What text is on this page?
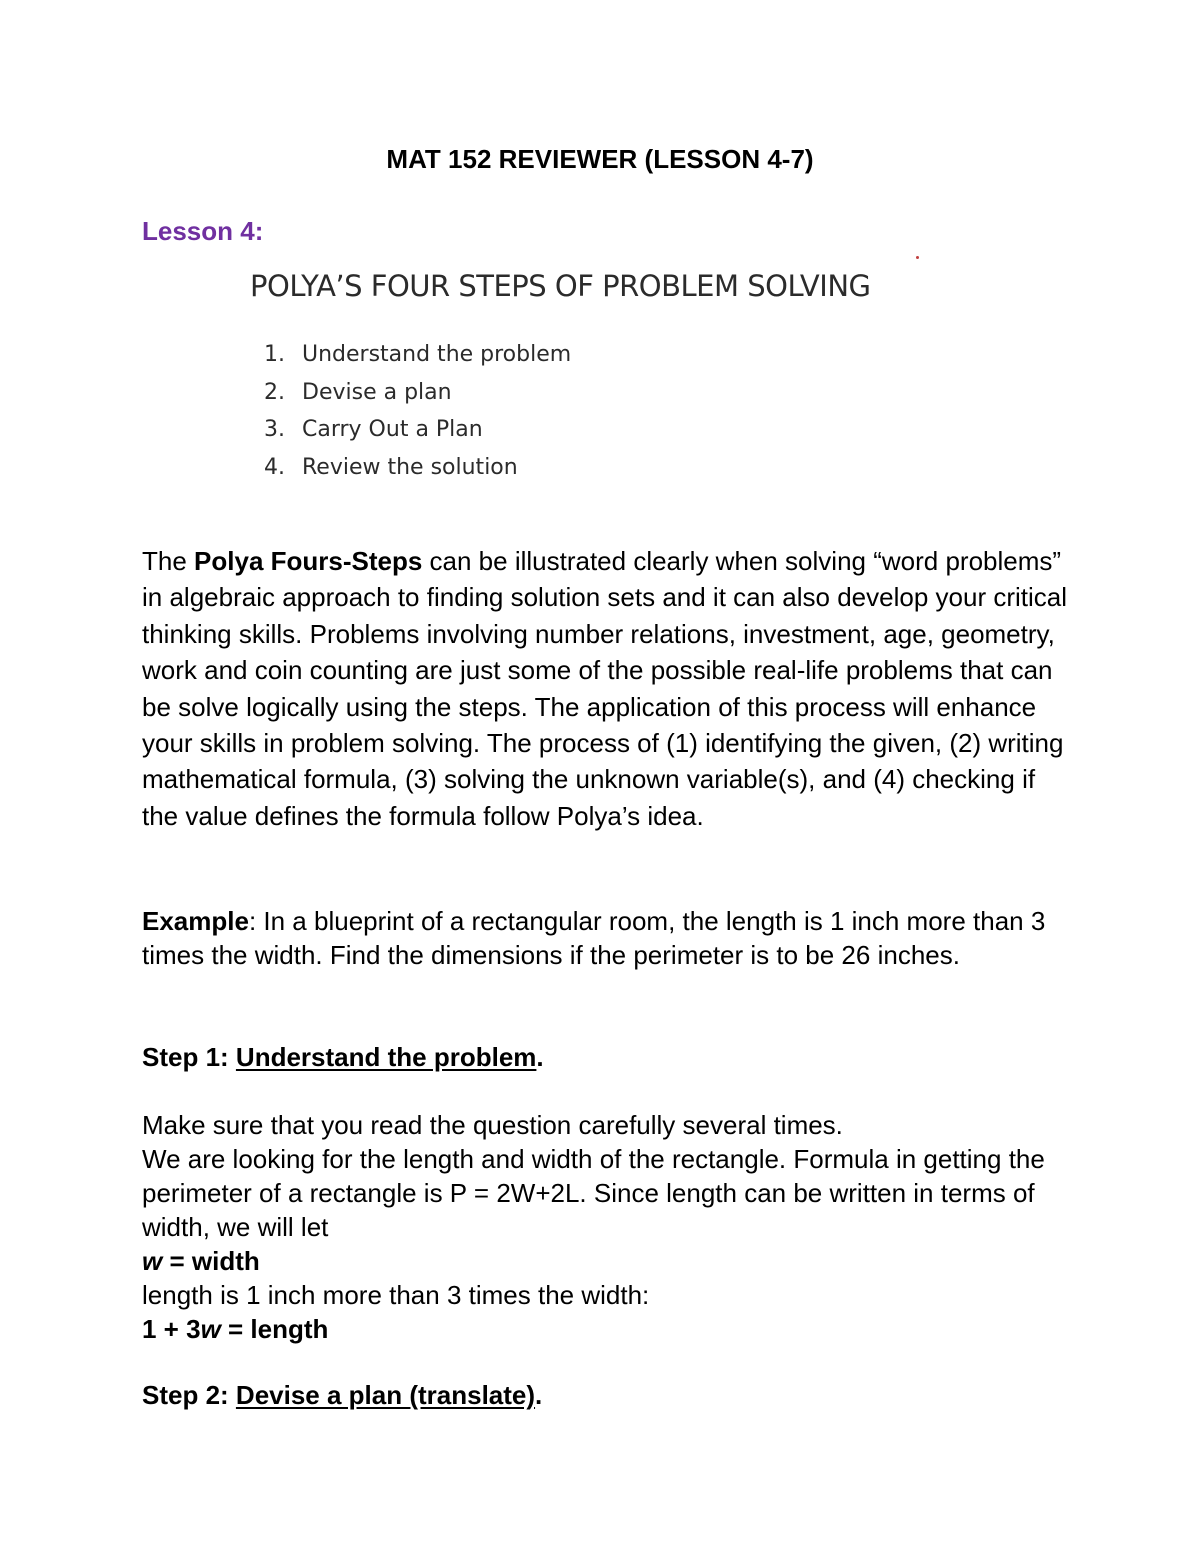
MAT 152 REVIEWER (LESSON 4-7)
Lesson 4:
POLYA’S FOUR STEPS OF PROBLEM SOLVING
1. Understand the problem
2. Devise a plan
3. Carry Out a Plan
4. Review the solution
The Polya Fours-Steps can be illustrated clearly when solving “word problems” in algebraic approach to finding solution sets and it can also develop your critical thinking skills. Problems involving number relations, investment, age, geometry, work and coin counting are just some of the possible real-life problems that can be solve logically using the steps. The application of this process will enhance your skills in problem solving. The process of (1) identifying the given, (2) writing mathematical formula, (3) solving the unknown variable(s), and (4) checking if the value defines the formula follow Polya’s idea.
Example: In a blueprint of a rectangular room, the length is 1 inch more than 3 times the width. Find the dimensions if the perimeter is to be 26 inches.
Step 1: Understand the problem.

Make sure that you read the question carefully several times.

We are looking for the length and width of the rectangle. Formula in getting the perimeter of a rectangle is P = 2W+2L. Since length can be written in terms of width, we will let

w = width

length is 1 inch more than 3 times the width:

1 + 3w = length

Step 2: Devise a plan (translate).
